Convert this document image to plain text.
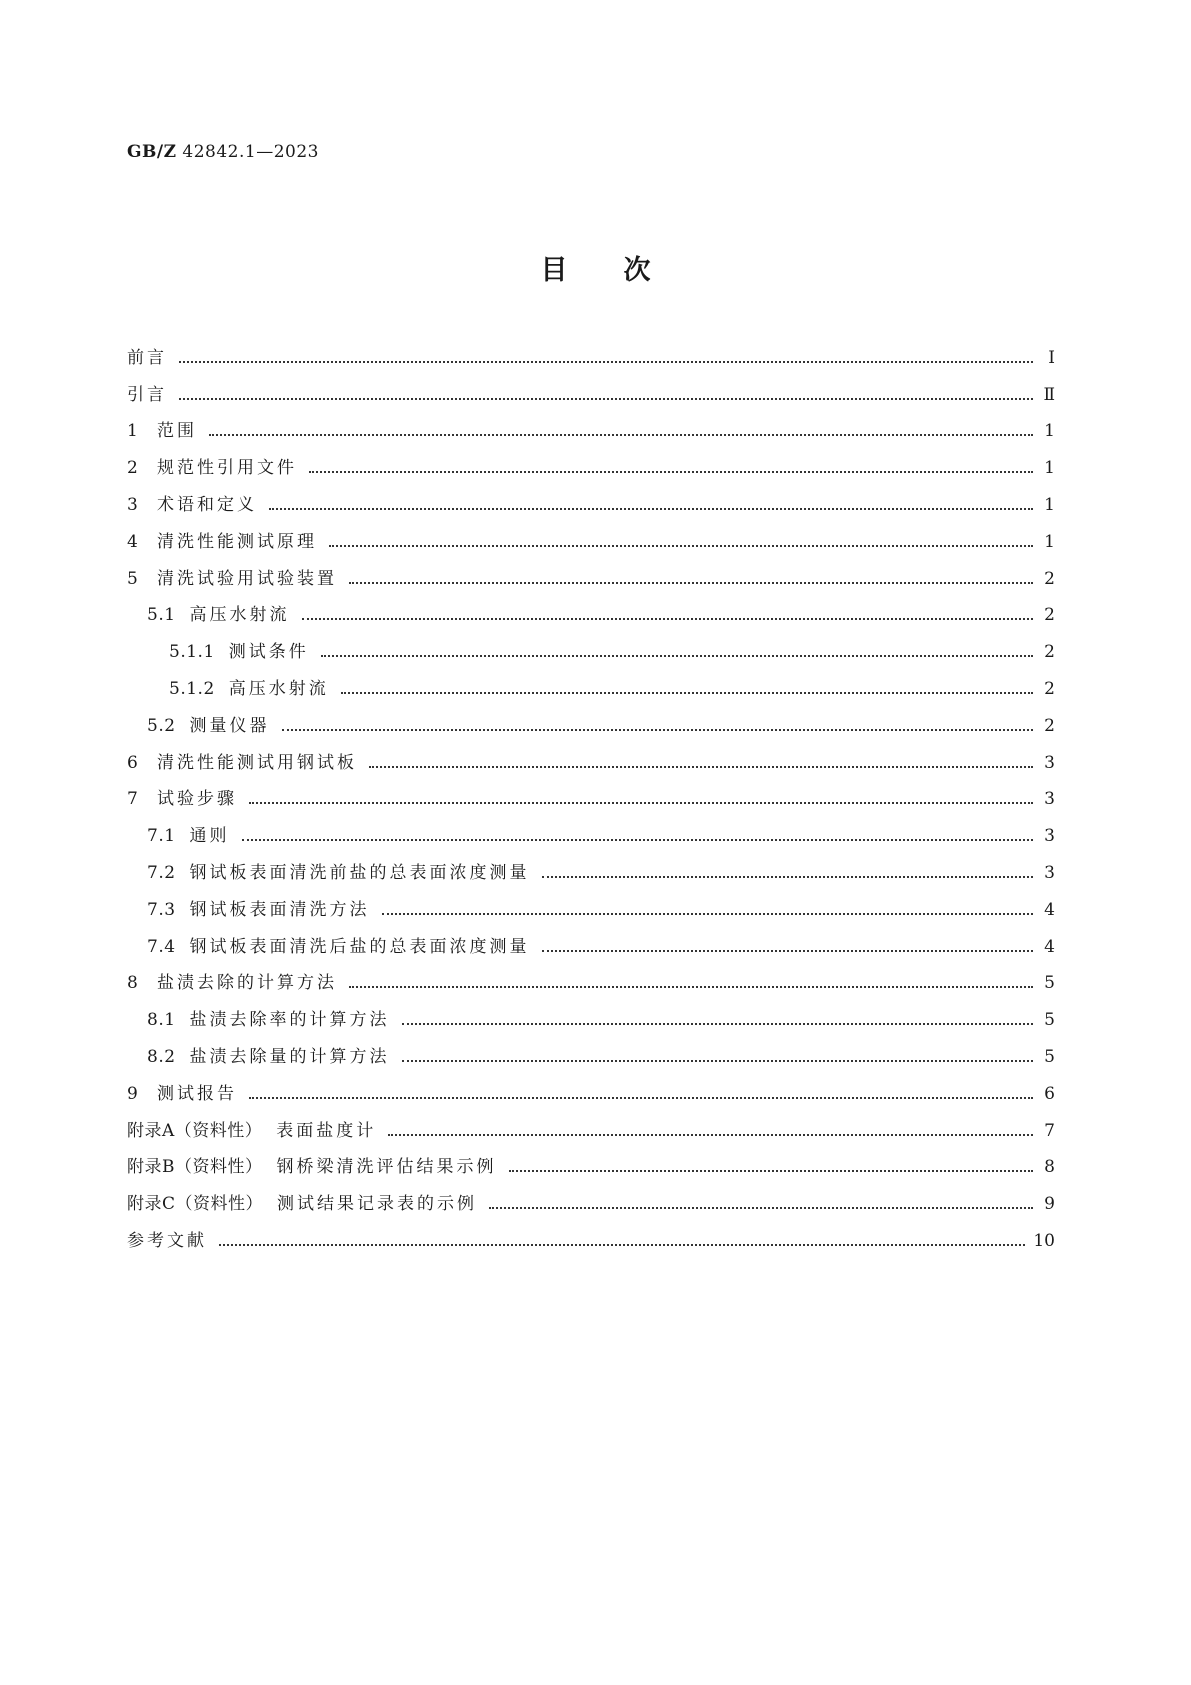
GB/Z 42842.1—2023
目次
前言	Ⅰ
引言	Ⅱ
1 范围	1
2 规范性引用文件	1
3 术语和定义	1
4 清洗性能测试原理	1
5 清洗试验用试验装置	2
5.1 高压水射流	2
5.1.1 测试条件	2
5.1.2 高压水射流	2
5.2 测量仪器	2
6 清洗性能测试用钢试板	3
7 试验步骤	3
7.1 通则	3
7.2 钢试板表面清洗前盐的总表面浓度测量	3
7.3 钢试板表面清洗方法	4
7.4 钢试板表面清洗后盐的总表面浓度测量	4
8 盐渍去除的计算方法	5
8.1 盐渍去除率的计算方法	5
8.2 盐渍去除量的计算方法	5
9 测试报告	6
附录A（资料性） 表面盐度计	7
附录B（资料性） 钢桥梁清洗评估结果示例	8
附录C（资料性） 测试结果记录表的示例	9
参考文献	10
